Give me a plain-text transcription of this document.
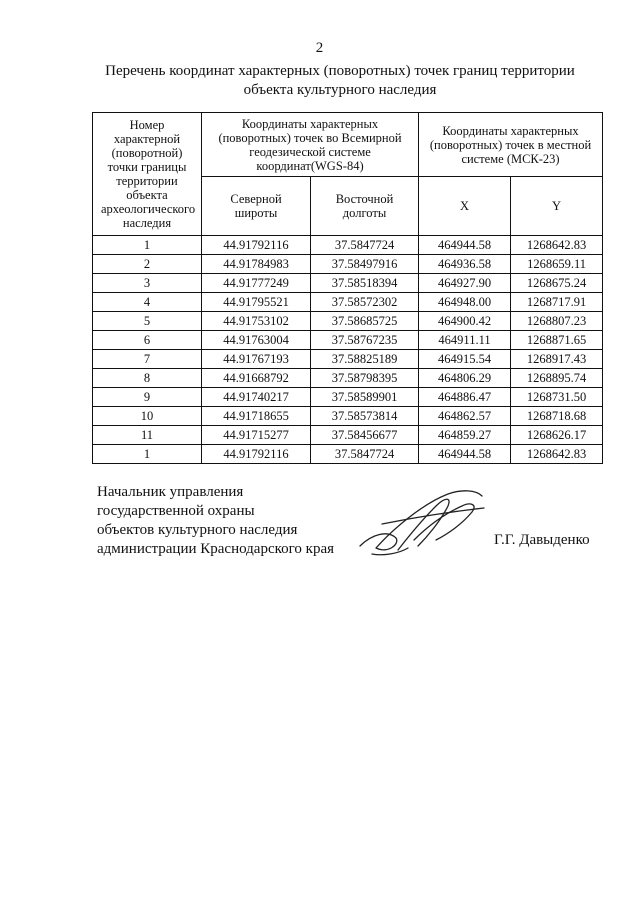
2
Перечень координат характерных (поворотных) точек границ территории
объекта культурного наследия
Номер характерной (поворотной) точки границы территории объекта археологического наследия	Координаты характерных (поворотных) точек во Всемирной геодезической системе координат(WGS-84)		Координаты характерных (поворотных) точек в местной системе (МСК-23)	
	Северной широты	Восточной долготы	X	Y
1	44.91792116	37.5847724	464944.58	1268642.83
2	44.91784983	37.58497916	464936.58	1268659.11
3	44.91777249	37.58518394	464927.90	1268675.24
4	44.91795521	37.58572302	464948.00	1268717.91
5	44.91753102	37.58685725	464900.42	1268807.23
6	44.91763004	37.58767235	464911.11	1268871.65
7	44.91767193	37.58825189	464915.54	1268917.43
8	44.91668792	37.58798395	464806.29	1268895.74
9	44.91740217	37.58589901	464886.47	1268731.50
10	44.91718655	37.58573814	464862.57	1268718.68
11	44.91715277	37.58456677	464859.27	1268626.17
1	44.91792116	37.5847724	464944.58	1268642.83
Начальник управления
государственной охраны
объектов культурного наследия
администрации Краснодарского края
Г.Г. Давыденко
